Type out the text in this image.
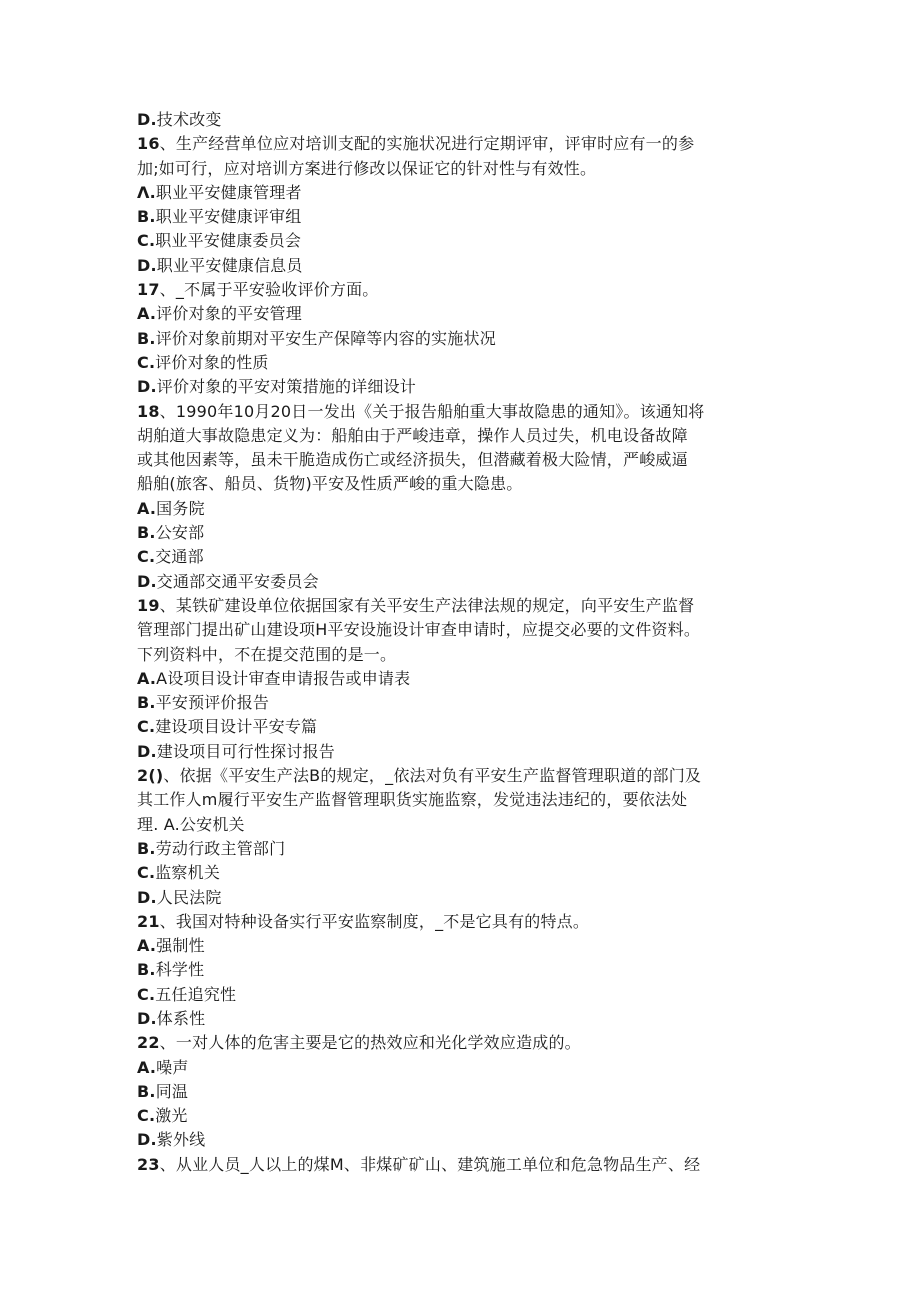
D.技术改变
16、生产经营单位应对培训支配的实施状况进行定期评审，评审时应有一的参
加;如可行，应对培训方案进行修改以保证它的针对性与有效性。
Λ.职业平安健康管理者
B.职业平安健康评审组
C.职业平安健康委员会
D.职业平安健康信息员
17、_不属于平安验收评价方面。
A.评价对象的平安管理
B.评价对象前期对平安生产保障等内容的实施状况
C.评价对象的性质
D.评价对象的平安对策措施的详细设计
18、1990年10月20日一发出《关于报告船舶重大事故隐患的通知》。该通知将
胡舶道大事故隐患定义为：船舶由于严峻违章，操作人员过失，机电设备故障
或其他因素等，虽未干脆造成伤亡或经济损失，但潜藏着极大险情，严峻威逼
船舶(旅客、船员、货物)平安及性质严峻的重大隐患。
A.国务院
B.公安部
C.交通部
D.交通部交通平安委员会
19、某铁矿建设单位依据国家有关平安生产法律法规的规定，向平安生产监督
管理部门提出矿山建设项H平安设施设计审查申请时，应提交必要的文件资料。
下列资料中，不在提交范围的是一。
A.A设项目设计审查申请报告或申请表
B.平安预评价报告
C.建设项目设计平安专篇
D.建设项目可行性探讨报告
2()、依据《平安生产法B的规定，_依法对负有平安生产监督管理职道的部门及
其工作人m履行平安生产监督管理职货实施监察，发觉违法违纪的，要依法处
理. A.公安机关
B.劳动行政主管部门
C.监察机关
D.人民法院
21、我国对特种设备实行平安监察制度，_不是它具有的特点。
A.强制性
B.科学性
C.五任追究性
D.体系性
22、一对人体的危害主要是它的热效应和光化学效应造成的。
A.噪声
B.同温
C.激光
D.紫外线
23、从业人员_人以上的煤M、非煤矿矿山、建筑施工单位和危急物品生产、经
